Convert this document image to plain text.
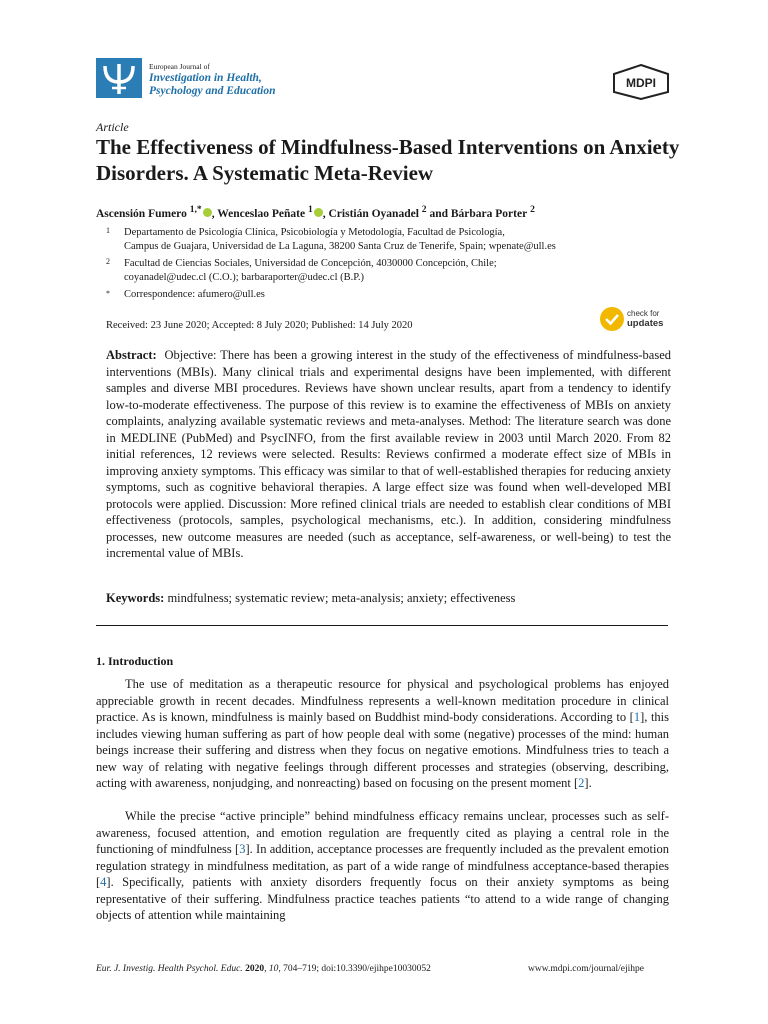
European Journal of
Investigation in Health,
Psychology and Education
MDPI
Article
The Effectiveness of Mindfulness-Based Interventions on Anxiety Disorders. A Systematic Meta-Review
Ascensión Fumero $^{1,*}$ , Wenceslao Peñate $^1$ , Cristián Oyanadel $^2$ and Bárbara Porter $^2$
1 Departamento de Psicología Clínica, Psicobiología y Metodología, Facultad de Psicología,
Campus de Guajara, Universidad de La Laguna, 38200 Santa Cruz de Tenerife, Spain; wpenate@ull.es
2 Facultad de Ciencias Sociales, Universidad de Concepción, 4030000 Concepción, Chile;
coyanadel@udec.cl (C.O.); barbaraporter@udec.cl (B.P.)
* Correspondence: afumero@ull.es
Received: 23 June 2020; Accepted: 8 July 2020; Published: 14 July 2020
check for
updates
Abstract: Objective: There has been a growing interest in the study of the effectiveness of mindfulness-based interventions (MBIs). Many clinical trials and experimental designs have been implemented, with different samples and diverse MBI procedures. Reviews have shown unclear results, apart from a tendency to identify low-to-moderate effectiveness. The purpose of this review is to examine the effectiveness of MBIs on anxiety complaints, analyzing available systematic reviews and meta-analyses. Method: The literature search was done in MEDLINE (PubMed) and PsycINFO, from the first available review in 2003 until March 2020. From 82 initial references, 12 reviews were selected. Results: Reviews confirmed a moderate effect size of MBIs in improving anxiety symptoms. This efficacy was similar to that of well-established therapies for reducing anxiety symptoms, such as cognitive behavioral therapies. A large effect size was found when well-developed MBI protocols were applied. Discussion: More refined clinical trials are needed to establish clear conditions of MBI effectiveness (protocols, samples, psychological mechanisms, etc.). In addition, considering mindfulness processes, new outcome measures are needed (such as acceptance, self-awareness, or well-being) to test the incremental value of MBIs.
Keywords: mindfulness; systematic review; meta-analysis; anxiety; effectiveness
1. Introduction
The use of meditation as a therapeutic resource for physical and psychological problems has enjoyed appreciable growth in recent decades. Mindfulness represents a well-known meditation procedure in clinical practice. As is known, mindfulness is mainly based on Buddhist mind-body considerations. According to [1], this includes viewing human suffering as part of how people deal with some (negative) processes of the mind: human beings increase their suffering and distress when they focus on negative emotions. Mindfulness tries to teach a new way of relating with negative feelings through different processes and strategies (observing, describing, acting with awareness, nonjudging, and nonreacting) based on focusing on the present moment [2].
While the precise “active principle” behind mindfulness efficacy remains unclear, processes such as self-awareness, focused attention, and emotion regulation are frequently cited as playing a central role in the functioning of mindfulness [3]. In addition, acceptance processes are frequently included as the prevalent emotion regulation strategy in mindfulness meditation, as part of a wide range of mindfulness acceptance-based therapies [4]. Specifically, patients with anxiety disorders frequently focus on their anxiety symptoms as being representative of their suffering. Mindfulness practice teaches patients “to attend to a wide range of changing objects of attention while maintaining
Eur. J. Investig. Health Psychol. Educ. 2020, 10, 704–719; doi:10.3390/ejihpe10030052	www.mdpi.com/journal/ejihpe
